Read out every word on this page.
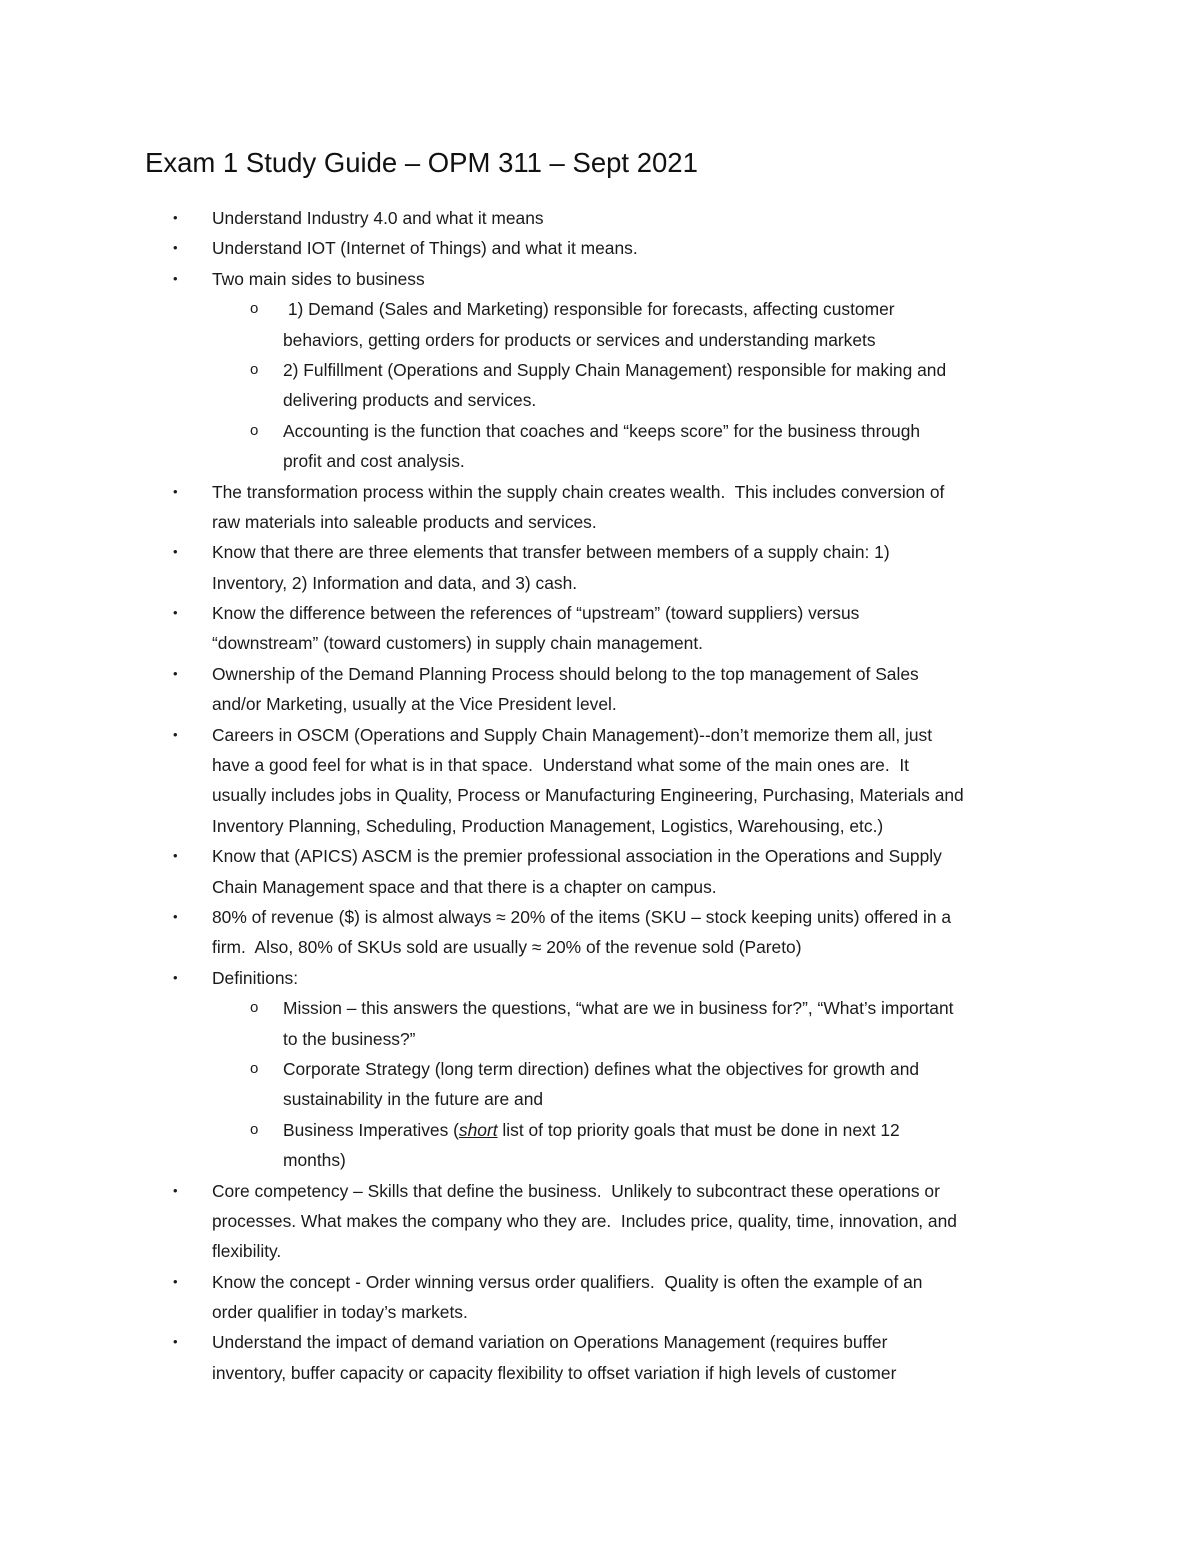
Exam 1 Study Guide – OPM 311 – Sept 2021
• Understand Industry 4.0 and what it means
• Understand IOT (Internet of Things) and what it means.
• Two main sides to business
o 1) Demand (Sales and Marketing) responsible for forecasts, affecting customer
behaviors, getting orders for products or services and understanding markets
o 2) Fulfillment (Operations and Supply Chain Management) responsible for making and
delivering products and services.
o Accounting is the function that coaches and “keeps score” for the business through
profit and cost analysis.
• The transformation process within the supply chain creates wealth.  This includes conversion of
raw materials into saleable products and services.
• Know that there are three elements that transfer between members of a supply chain: 1)
Inventory, 2) Information and data, and 3) cash.
• Know the difference between the references of “upstream” (toward suppliers) versus
“downstream” (toward customers) in supply chain management.
• Ownership of the Demand Planning Process should belong to the top management of Sales
and/or Marketing, usually at the Vice President level.
• Careers in OSCM (Operations and Supply Chain Management)--don’t memorize them all, just
have a good feel for what is in that space.  Understand what some of the main ones are.  It
usually includes jobs in Quality, Process or Manufacturing Engineering, Purchasing, Materials and
Inventory Planning, Scheduling, Production Management, Logistics, Warehousing, etc.)
• Know that (APICS) ASCM is the premier professional association in the Operations and Supply
Chain Management space and that there is a chapter on campus.
• 80% of revenue ($) is almost always ≈ 20% of the items (SKU – stock keeping units) offered in a
firm.  Also, 80% of SKUs sold are usually ≈ 20% of the revenue sold (Pareto)
• Definitions:
o Mission – this answers the questions, “what are we in business for?”, “What’s important
to the business?”
o Corporate Strategy (long term direction) defines what the objectives for growth and
sustainability in the future are and
o Business Imperatives (short list of top priority goals that must be done in next 12
months)
• Core competency – Skills that define the business.  Unlikely to subcontract these operations or
processes. What makes the company who they are.  Includes price, quality, time, innovation, and
flexibility.
• Know the concept - Order winning versus order qualifiers.  Quality is often the example of an
order qualifier in today’s markets.
• Understand the impact of demand variation on Operations Management (requires buffer
inventory, buffer capacity or capacity flexibility to offset variation if high levels of customer
